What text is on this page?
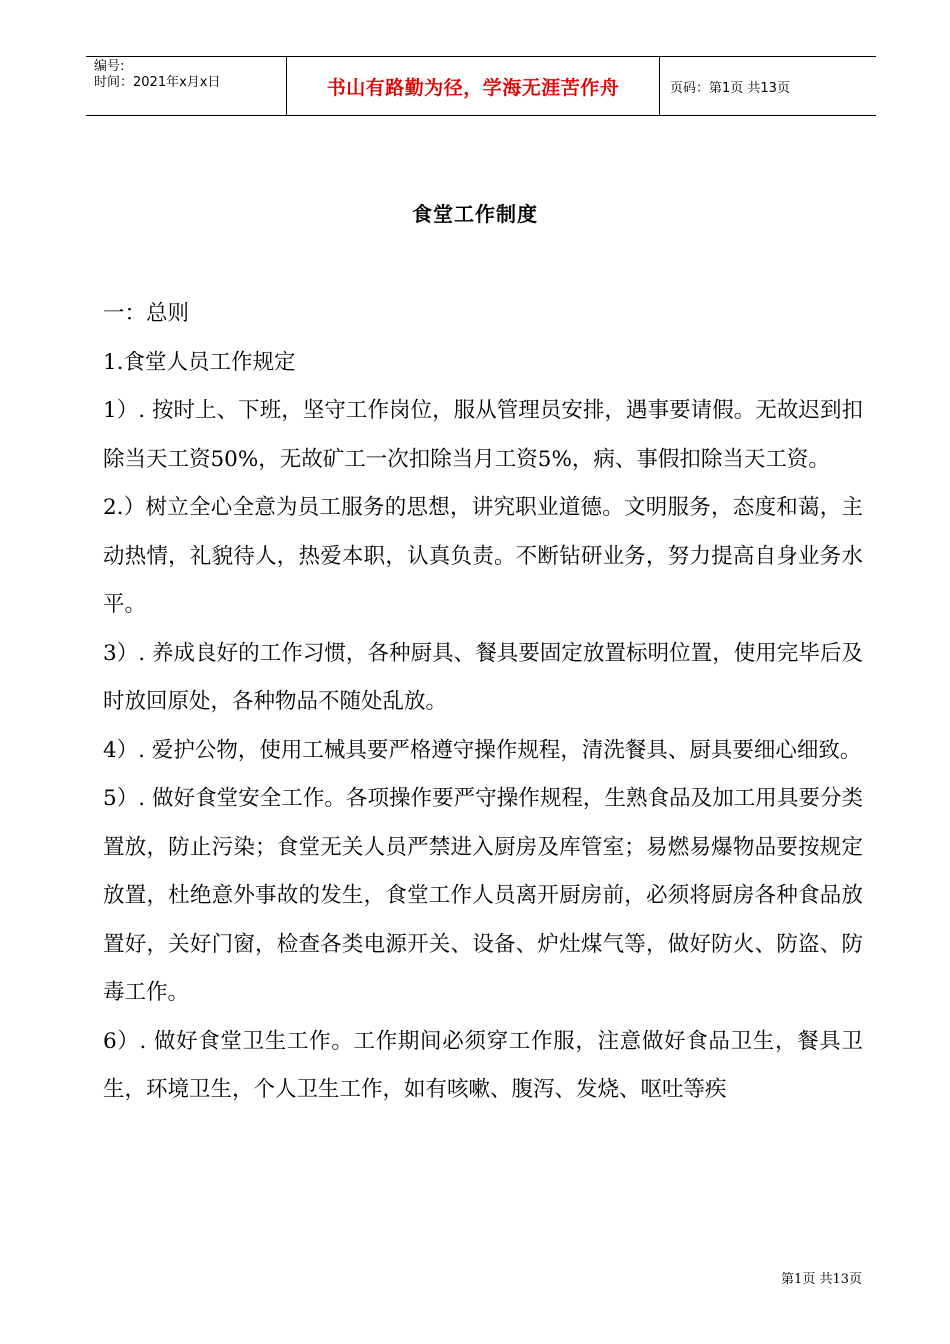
编号:
时间：2021年x月x日	书山有路勤为径，学海无涯苦作舟	页码：第1页 共13页
食堂工作制度

一：总则

1.食堂人员工作规定

1）. 按时上、下班，坚守工作岗位，服从管理员安排，遇事要请假。无故迟到扣除当天工资50%，无故矿工一次扣除当月工资5%，病、事假扣除当天工资。

2.）树立全心全意为员工服务的思想，讲究职业道德。文明服务，态度和蔼，主动热情，礼貌待人，热爱本职，认真负责。不断钻研业务，努力提高自身业务水平。

3）. 养成良好的工作习惯，各种厨具、餐具要固定放置标明位置，使用完毕后及时放回原处，各种物品不随处乱放。

4）. 爱护公物，使用工械具要严格遵守操作规程，清洗餐具、厨具要细心细致。

5）. 做好食堂安全工作。各项操作要严守操作规程，生熟食品及加工用具要分类置放，防止污染；食堂无关人员严禁进入厨房及库管室；易燃易爆物品要按规定放置，杜绝意外事故的发生，食堂工作人员离开厨房前，必须将厨房各种食品放置好，关好门窗，检查各类电源开关、设备、炉灶煤气等，做好防火、防盗、防毒工作。

6）. 做好食堂卫生工作。工作期间必须穿工作服，注意做好食品卫生，餐具卫生，环境卫生，个人卫生工作，如有咳嗽、腹泻、发烧、呕吐等疾

第1页 共13页
